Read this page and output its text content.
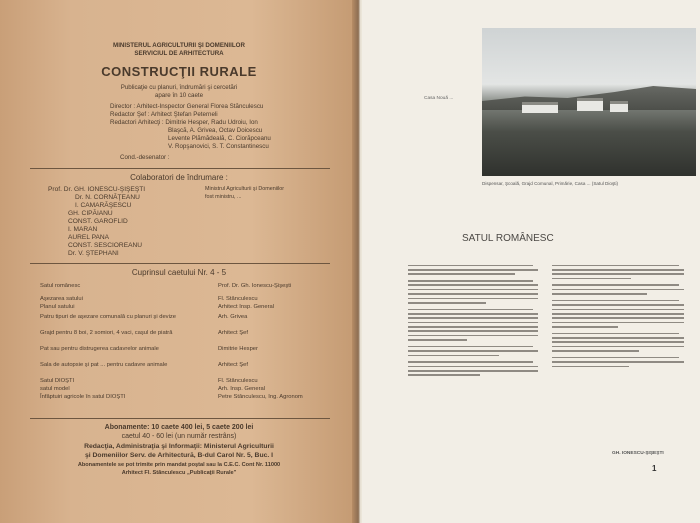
MINISTERUL AGRICULTURII ŞI DOMENIILOR
SERVICIUL DE ARHITECTURA
CONSTRUCŢII RURALE
Publicaţie cu planuri, îndrumări şi cercetări
apare în 10 caete
Director : Arhitect-Inspector General Florea Stănculescu
Redactor Şef : Arhitect Ştefan Peterneli
Redactori Arhitecţi : Dimitrie Hesper, Radu Udroiu, Ion
Blaşcă, A. Grivea, Octav Doicescu
Levente Plămădeală, C. Ciorăpceanu
V. Ropşanovici, S. T. Constantinescu
Cond.-desenator :
Colaboratori de îndrumare :
Prof. Dr. GH. IONESCU-ŞIŞEŞTI	Ministrul Agriculturii şi Domeniilor
Dr. N. CORNĂŢEANU	fost ministru, ...
I. CAMARĂŞESCU
GH. CIPĂIANU
CONST. GAROFLID
I. MARAN
AUREL PANA
CONST. SESCIOREANU
Dr. V. ŞTEPHANI
Cuprinsul caetului Nr. 4 - 5
Satul românesc	Prof. Dr. Gh. Ionescu-Şişeşti
Aşezarea satului	Fl. Stănculescu
Planul satului	Arhitect Insp. General
Patru tipuri de aşezare comunală cu planuri şi devize	Arh. Grivea
Grajd pentru 8 boi, 2 somiori, 4 vaci, caşul de piatră	Arhitect Şef
Pat sau pentru distrugerea cadavrelor animale	Dimitrie Hesper
Sala de autopsie şi pat ... pentru cadavre animale	Arhitect Şef
Satul DIOŞTI	Fl. Stănculescu
satul model	Arh. Insp. General
Înfăptuiri agricole în satul DIOŞTI	Petre Stănculescu, Ing. Agronom
Abonamente: 10 caete 400 lei, 5 caete 200 lei
caetul 40 - 60 lei (un număr restrâns)
Redacţia, Administraţia şi Informaţii: Ministerul Agriculturii
şi Domeniilor Serv. de Arhitectură, B-dul Carol Nr. 5, Buc. I
Abonamentele se pot trimite prin mandat poştal sau la C.E.C. Cont Nr. 11000
Arhitect Fl. Stănculescu „Publicaţii Rurale"
Casa Nouă ...
Dispensar, Şcoală, Grajd Comunal, Primărie, Casa ... (Satul Dioşti)
SATUL ROMÂNESC
GH. IONESCU-ŞIŞEŞTI
1
